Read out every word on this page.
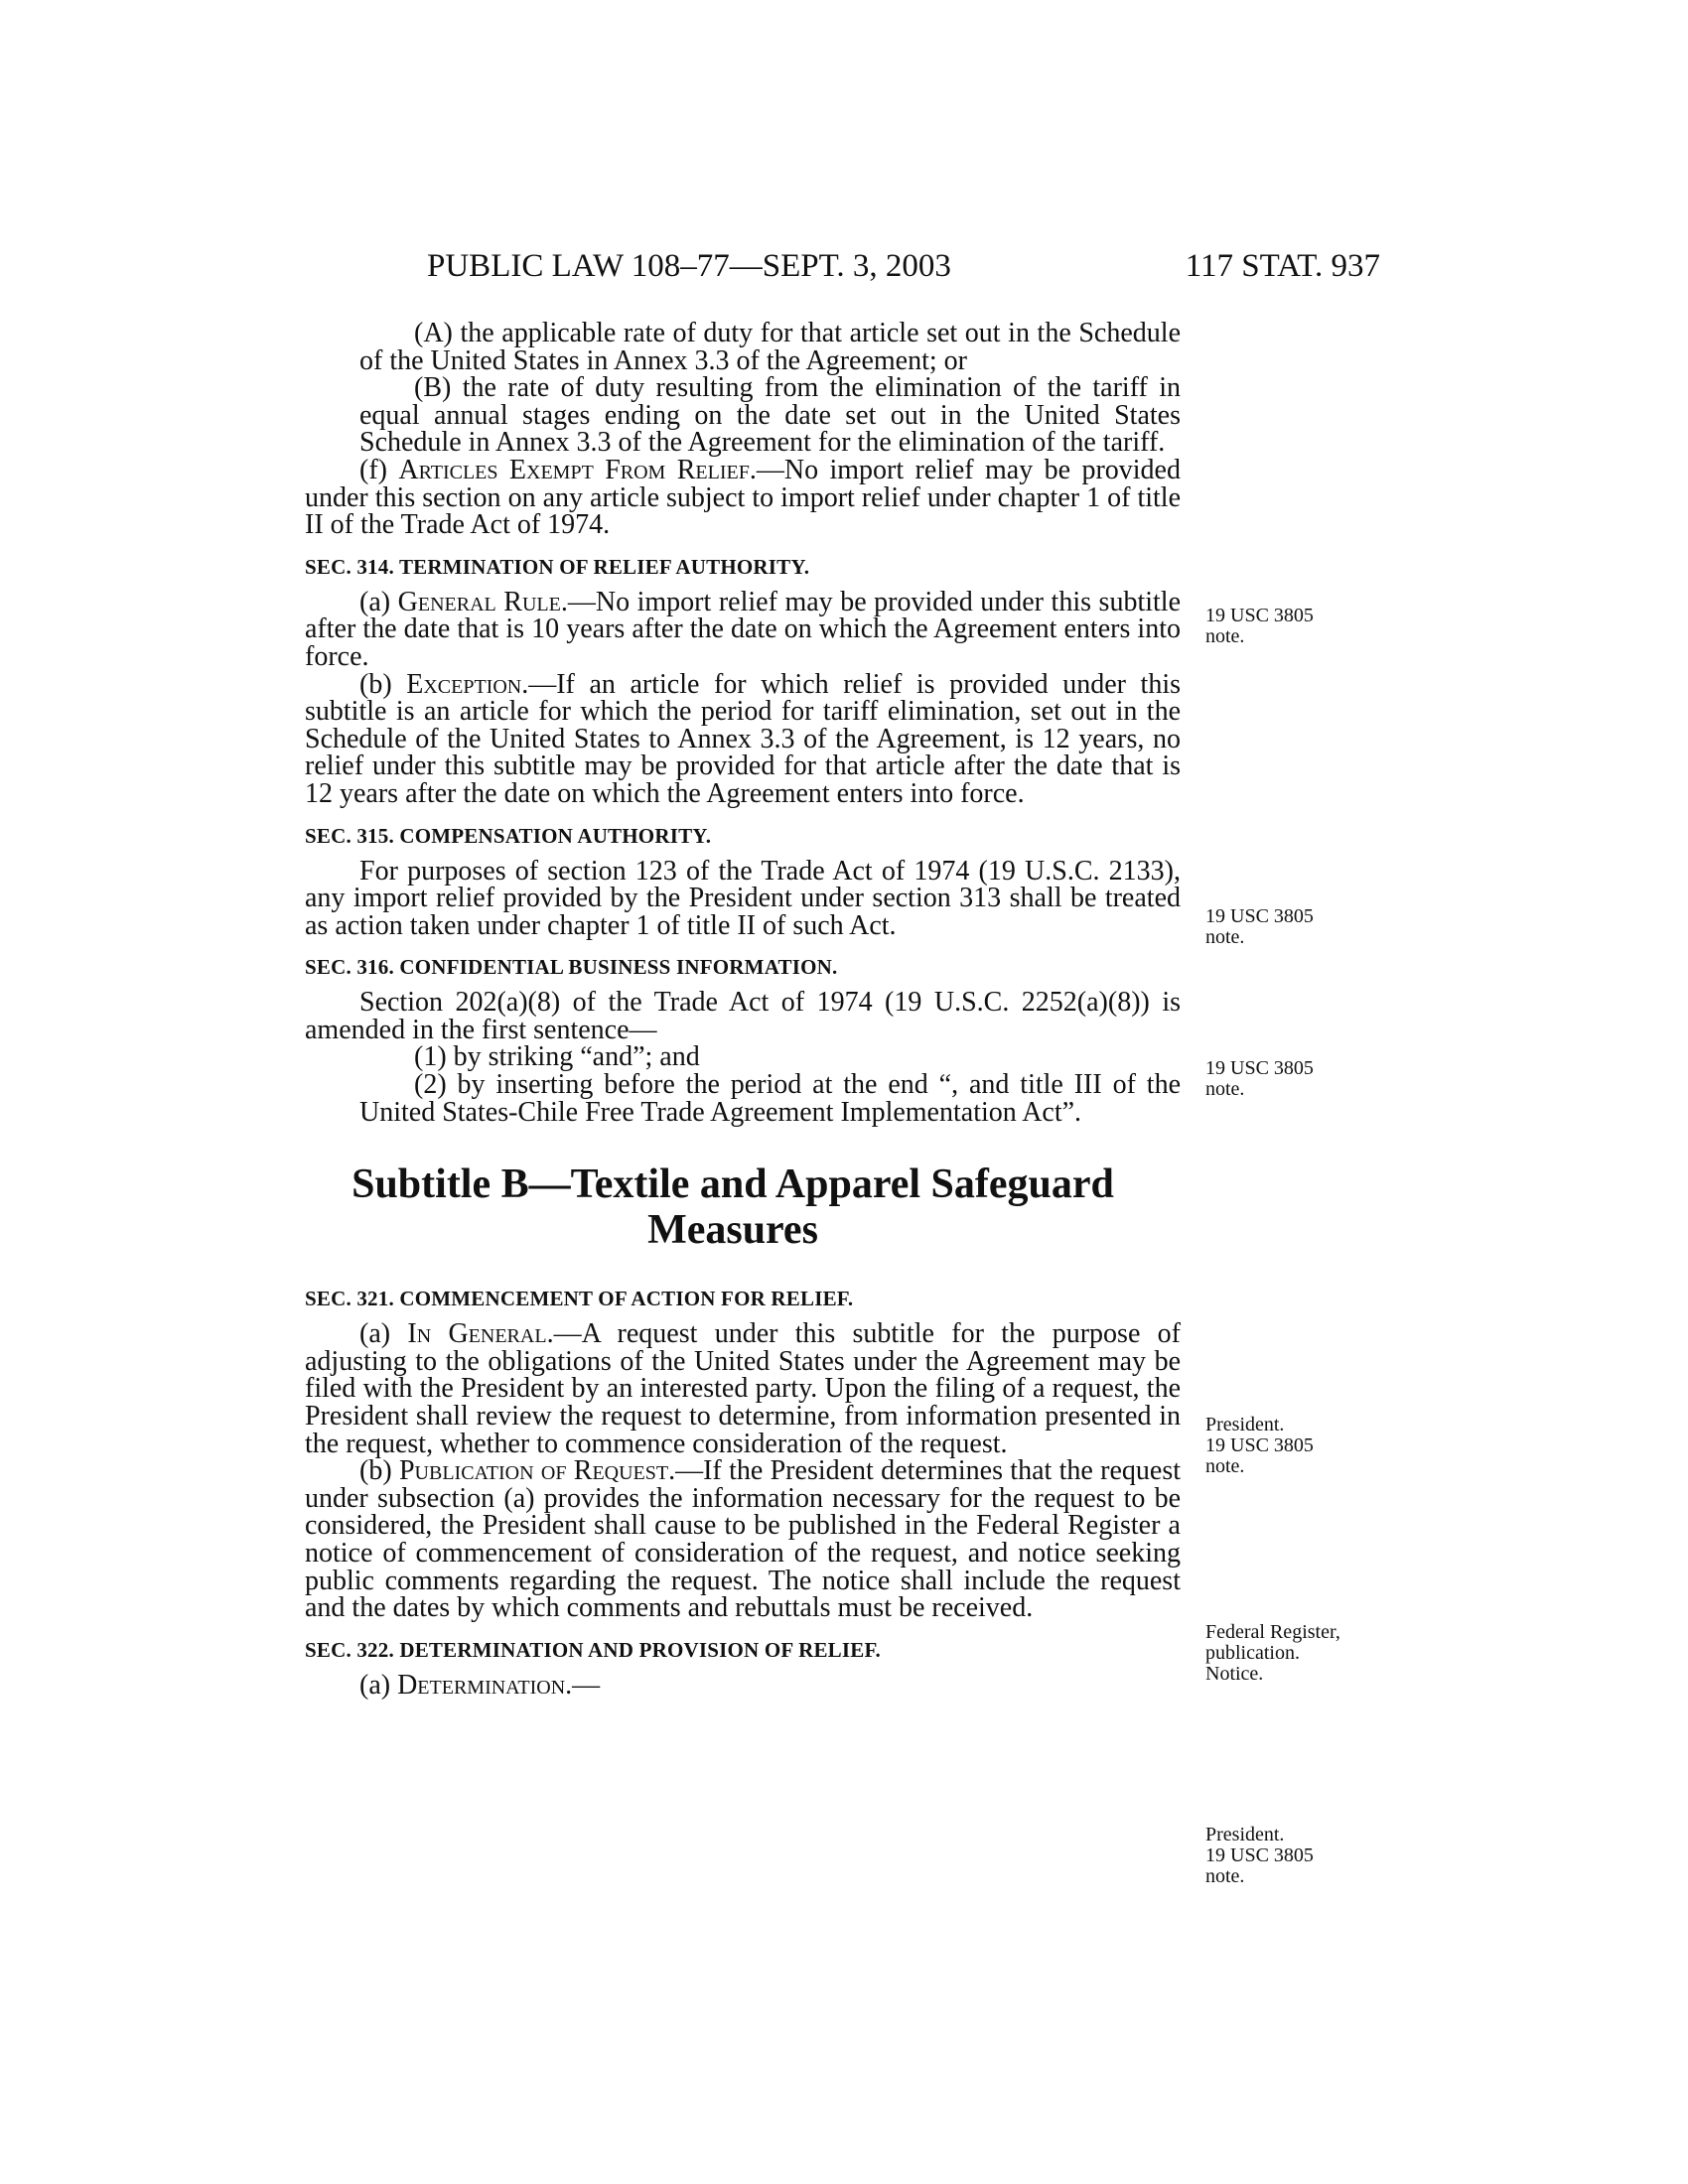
PUBLIC LAW 108–77—SEPT. 3, 2003	117 STAT. 937

(A) the applicable rate of duty for that article set out in the Schedule of the United States in Annex 3.3 of the Agreement; or

(B) the rate of duty resulting from the elimination of the tariff in equal annual stages ending on the date set out in the United States Schedule in Annex 3.3 of the Agreement for the elimination of the tariff.

(f) Articles Exempt From Relief.—No import relief may be provided under this section on any article subject to import relief under chapter 1 of title II of the Trade Act of 1974.

SEC. 314. TERMINATION OF RELIEF AUTHORITY.

(a) General Rule.—No import relief may be provided under this subtitle after the date that is 10 years after the date on which the Agreement enters into force.

(b) Exception.—If an article for which relief is provided under this subtitle is an article for which the period for tariff elimination, set out in the Schedule of the United States to Annex 3.3 of the Agreement, is 12 years, no relief under this subtitle may be provided for that article after the date that is 12 years after the date on which the Agreement enters into force.

SEC. 315. COMPENSATION AUTHORITY.

For purposes of section 123 of the Trade Act of 1974 (19 U.S.C. 2133), any import relief provided by the President under section 313 shall be treated as action taken under chapter 1 of title II of such Act.

SEC. 316. CONFIDENTIAL BUSINESS INFORMATION.

Section 202(a)(8) of the Trade Act of 1974 (19 U.S.C. 2252(a)(8)) is amended in the first sentence—

(1) by striking “and”; and

(2) by inserting before the period at the end “, and title III of the United States-Chile Free Trade Agreement Implementation Act”.

Subtitle B—Textile and Apparel Safeguard Measures
SEC. 321. COMMENCEMENT OF ACTION FOR RELIEF.

(a) In General.—A request under this subtitle for the purpose of adjusting to the obligations of the United States under the Agreement may be filed with the President by an interested party. Upon the filing of a request, the President shall review the request to determine, from information presented in the request, whether to commence consideration of the request.

(b) Publication of Request.—If the President determines that the request under subsection (a) provides the information necessary for the request to be considered, the President shall cause to be published in the Federal Register a notice of commencement of consideration of the request, and notice seeking public comments regarding the request. The notice shall include the request and the dates by which comments and rebuttals must be received.

SEC. 322. DETERMINATION AND PROVISION OF RELIEF.

(a) Determination.—

19 USC 3805
note.
19 USC 3805
note.
19 USC 3805
note.
President.
19 USC 3805
note.
Federal Register,
publication.
Notice.
President.
19 USC 3805
note.
